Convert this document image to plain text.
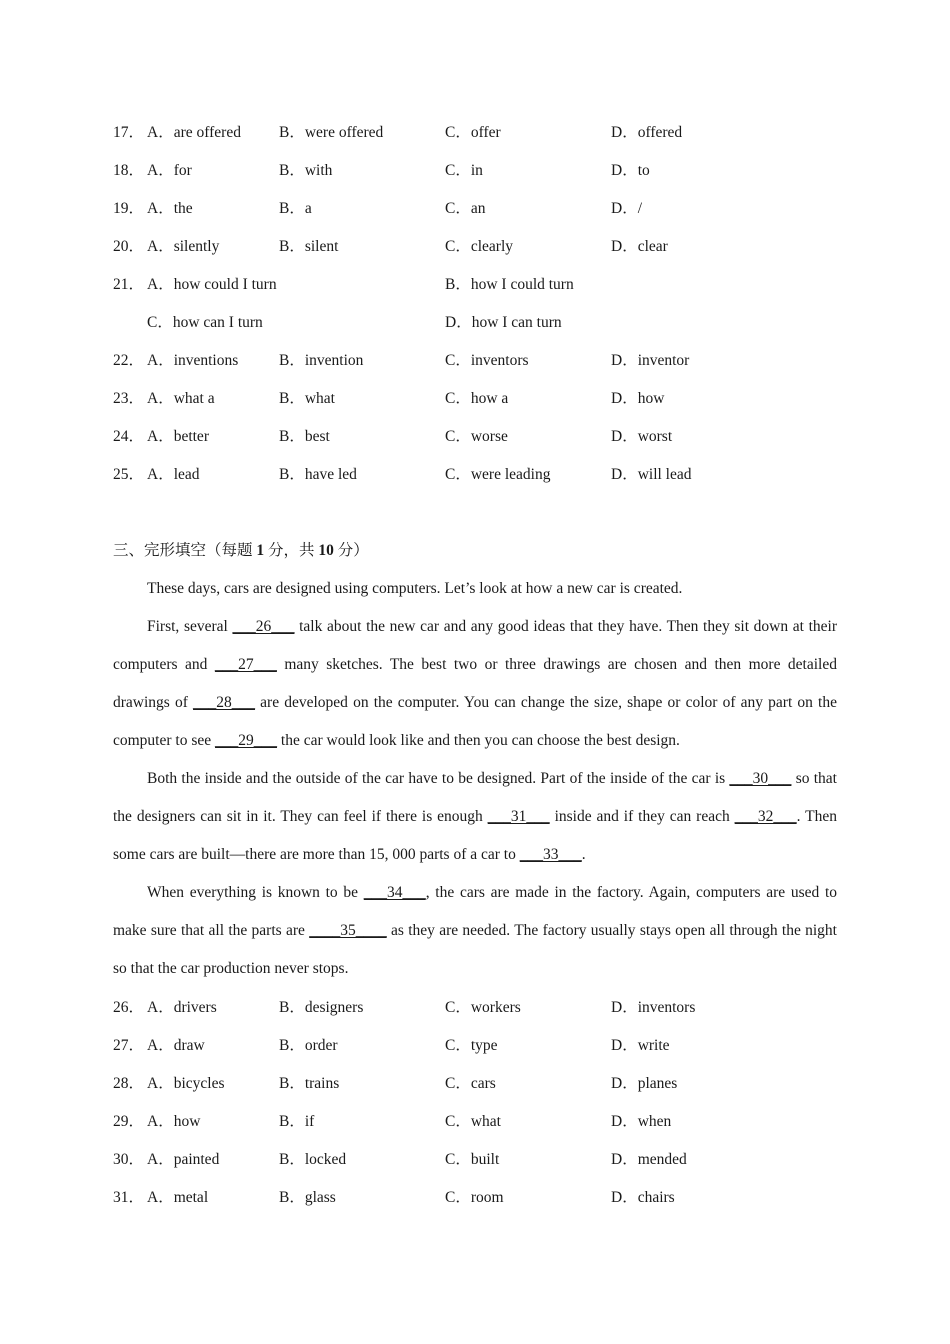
17． A．are offered B．were offered	C．offer	D．offered
18． A．for	B．with	C．in	D．to
19． A．the	B．a	C．an	D．/
20． A．silently	B．silent	C．clearly	D．clear
21． A．how could I turn	B．how I could turn
C．how can I turn	D．how I can turn
22． A．inventions	B．invention	C．inventors	D．inventor
23． A．what a	B．what	C．how a	D．how
24． A．better	B．best	C．worse	D．worst
25． A．lead	B．have led	C．were leading	D．will lead
三、完形填空（每题 1 分，共 10 分）
These days, cars are designed using computers. Let’s look at how a new car is created.
First, several ___26___ talk about the new car and any good ideas that they have. Then they sit down at their computers and ___27___ many sketches. The best two or three drawings are chosen and then more detailed drawings of ___28___ are developed on the computer. You can change the size, shape or color of any part on the computer to see ___29___ the car would look like and then you can choose the best design.
Both the inside and the outside of the car have to be designed. Part of the inside of the car is ___30___ so that the designers can sit in it. They can feel if there is enough ___31___ inside and if they can reach ___32___. Then some cars are built—there are more than 15, 000 parts of a car to ___33___.
When everything is known to be ___34___, the cars are made in the factory. Again, computers are used to make sure that all the parts are ____35____ as they are needed. The factory usually stays open all through the night so that the car production never stops.
26． A．drivers	B．designers	C．workers	D．inventors
27． A．draw	B．order	C．type	D．write
28． A．bicycles	B．trains	C．cars	D．planes
29． A．how	B．if	C．what	D．when
30． A．painted	B．locked	C．built	D．mended
31． A．metal	B．glass	C．room	D．chairs
